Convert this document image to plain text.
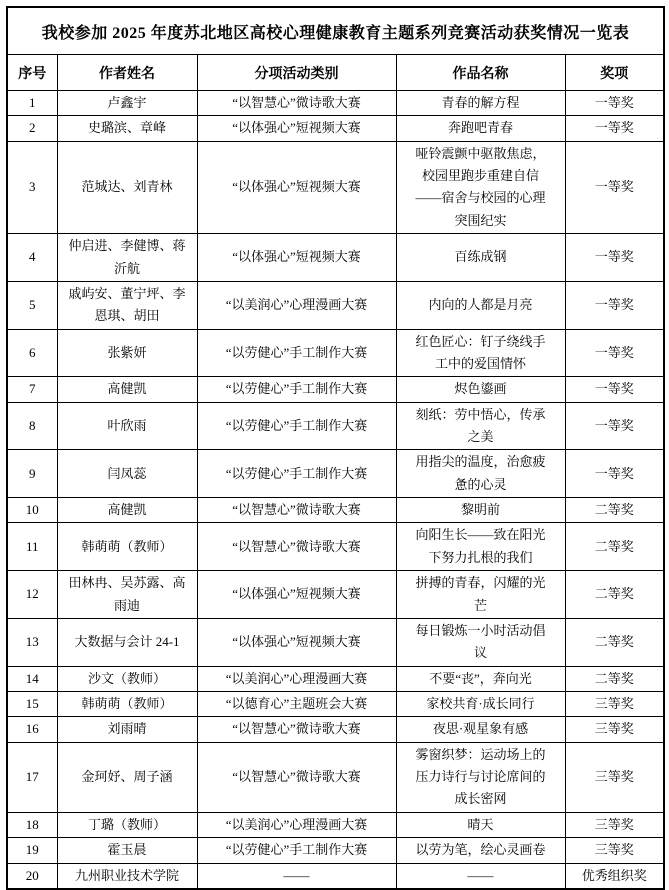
我校参加 2025 年度苏北地区高校心理健康教育主题系列竞赛活动获奖情况一览表				
序号	作者姓名	分项活动类别	作品名称	奖项
1	卢鑫宇	“以智慧心”微诗歌大赛	青春的解方程	一等奖
2	史璐滨、章峰	“以体强心”短视频大赛	奔跑吧青春	一等奖
3	范城达、刘青林	“以体强心”短视频大赛	哑铃震颤中驱散焦虑，校园里跑步重建自信——宿舍与校园的心理突围纪实	一等奖
4	仲启进、李健博、蒋沂航	“以体强心”短视频大赛	百练成钢	一等奖
5	戚屿安、董宁坪、李恩琪、胡田	“以美润心”心理漫画大赛	内向的人都是月亮	一等奖
6	张紫妍	“以劳健心”手工制作大赛	红色匠心：钉子绕线手工中的爱国情怀	一等奖
7	高健凯	“以劳健心”手工制作大赛	烬色鎏画	一等奖
8	叶欣雨	“以劳健心”手工制作大赛	刻纸：劳中悟心，传承之美	一等奖
9	闫凤蕊	“以劳健心”手工制作大赛	用指尖的温度，治愈疲惫的心灵	一等奖
10	高健凯	“以智慧心”微诗歌大赛	黎明前	二等奖
11	韩萌萌（教师）	“以智慧心”微诗歌大赛	向阳生长——致在阳光下努力扎根的我们	二等奖
12	田林冉、吴苏露、高雨迪	“以体强心”短视频大赛	拼搏的青春，闪耀的光芒	二等奖
13	大数据与会计 24-1	“以体强心”短视频大赛	每日锻炼一小时活动倡议	二等奖
14	沙文（教师）	“以美润心”心理漫画大赛	不要“丧”，奔向光	二等奖
15	韩萌萌（教师）	“以德育心”主题班会大赛	家校共育·成长同行	三等奖
16	刘雨晴	“以智慧心”微诗歌大赛	夜思·观星象有感	三等奖
17	金珂妤、周子涵	“以智慧心”微诗歌大赛	雾窗织梦：运动场上的压力诗行与讨论席间的成长密网	三等奖
18	丁璐（教师）	“以美润心”心理漫画大赛	晴天	三等奖
19	霍玉晨	“以劳健心”手工制作大赛	以劳为笔，绘心灵画卷	三等奖
20	九州职业技术学院	——	——	优秀组织奖
